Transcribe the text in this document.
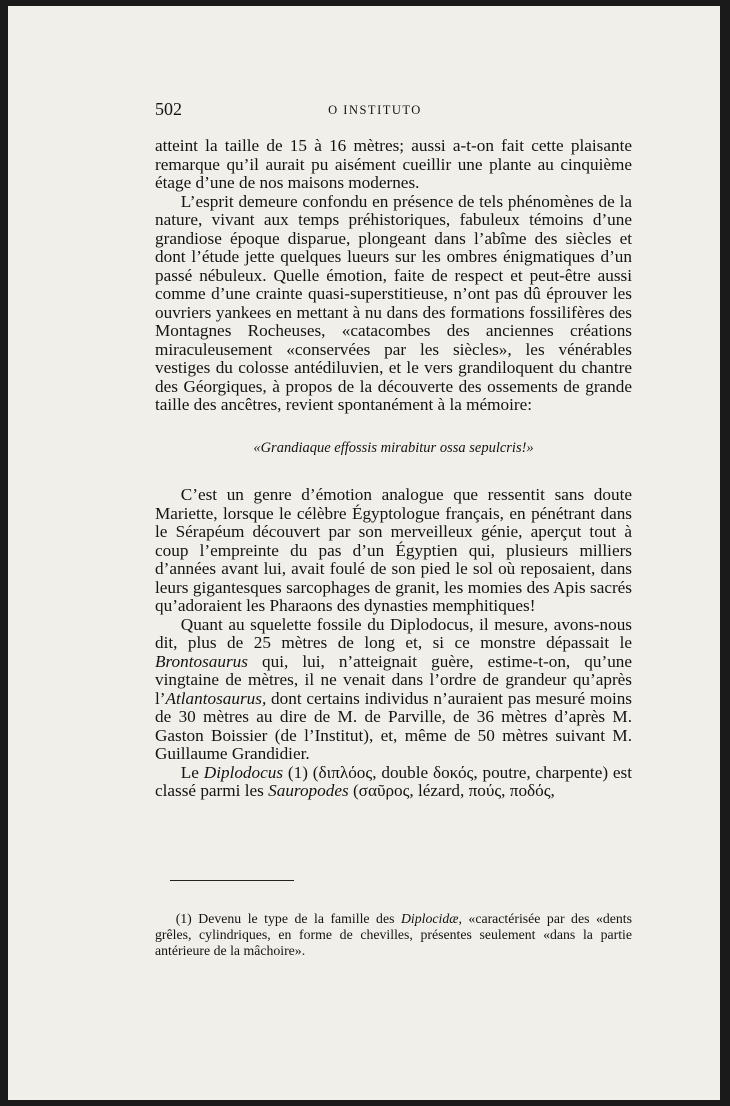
502	O INSTITUTO

atteint la taille de 15 à 16 mètres; aussi a-t-on fait cette plaisante remarque qu’il aurait pu aisément cueillir une plante au cinquième étage d’une de nos maisons modernes.

L’esprit demeure confondu en présence de tels phénomènes de la nature, vivant aux temps préhistoriques, fabuleux témoins d’une grandiose époque disparue, plongeant dans l’abîme des siècles et dont l’étude jette quelques lueurs sur les ombres énigmatiques d’un passé nébuleux. Quelle émotion, faite de respect et peut-être aussi comme d’une crainte quasi-superstitieuse, n’ont pas dû éprouver les ouvriers yankees en mettant à nu dans des formations fossilifères des Montagnes Rocheuses, «catacombes des anciennes créations miraculeusement «conservées par les siècles», les vénérables vestiges du colosse antédiluvien, et le vers grandiloquent du chantre des Géorgiques, à propos de la découverte des ossements de grande taille des ancêtres, revient spontanément à la mémoire:

«Grandiaque effossis mirabitur ossa sepulcris!»

C’est un genre d’émotion analogue que ressentit sans doute Mariette, lorsque le célèbre Égyptologue français, en pénétrant dans le Sérapéum découvert par son merveilleux génie, aperçut tout à coup l’empreinte du pas d’un Égyptien qui, plusieurs milliers d’années avant lui, avait foulé de son pied le sol où reposaient, dans leurs gigantesques sarcophages de granit, les momies des Apis sacrés qu’adoraient les Pharaons des dynasties memphitiques!

Quant au squelette fossile du Diplodocus, il mesure, avons-nous dit, plus de 25 mètres de long et, si ce monstre dépassait le Brontosaurus qui, lui, n’atteignait guère, estime-t-on, qu’une vingtaine de mètres, il ne venait dans l’ordre de grandeur qu’après l’Atlantosaurus, dont certains individus n’auraient pas mesuré moins de 30 mètres au dire de M. de Parville, de 36 mètres d’après M. Gaston Boissier (de l’Institut), et, même de 50 mètres suivant M. Guillaume Grandidier.

Le Diplodocus (1) (διπλόος, double δοκός, poutre, charpente) est classé parmi les Sauropodes (σαῦρος, lézard, πούς, ποδός,

(1) Devenu le type de la famille des Diplocidæ, «caractérisée par des «dents grêles, cylindriques, en forme de chevilles, présentes seulement «dans la partie antérieure de la mâchoire».
